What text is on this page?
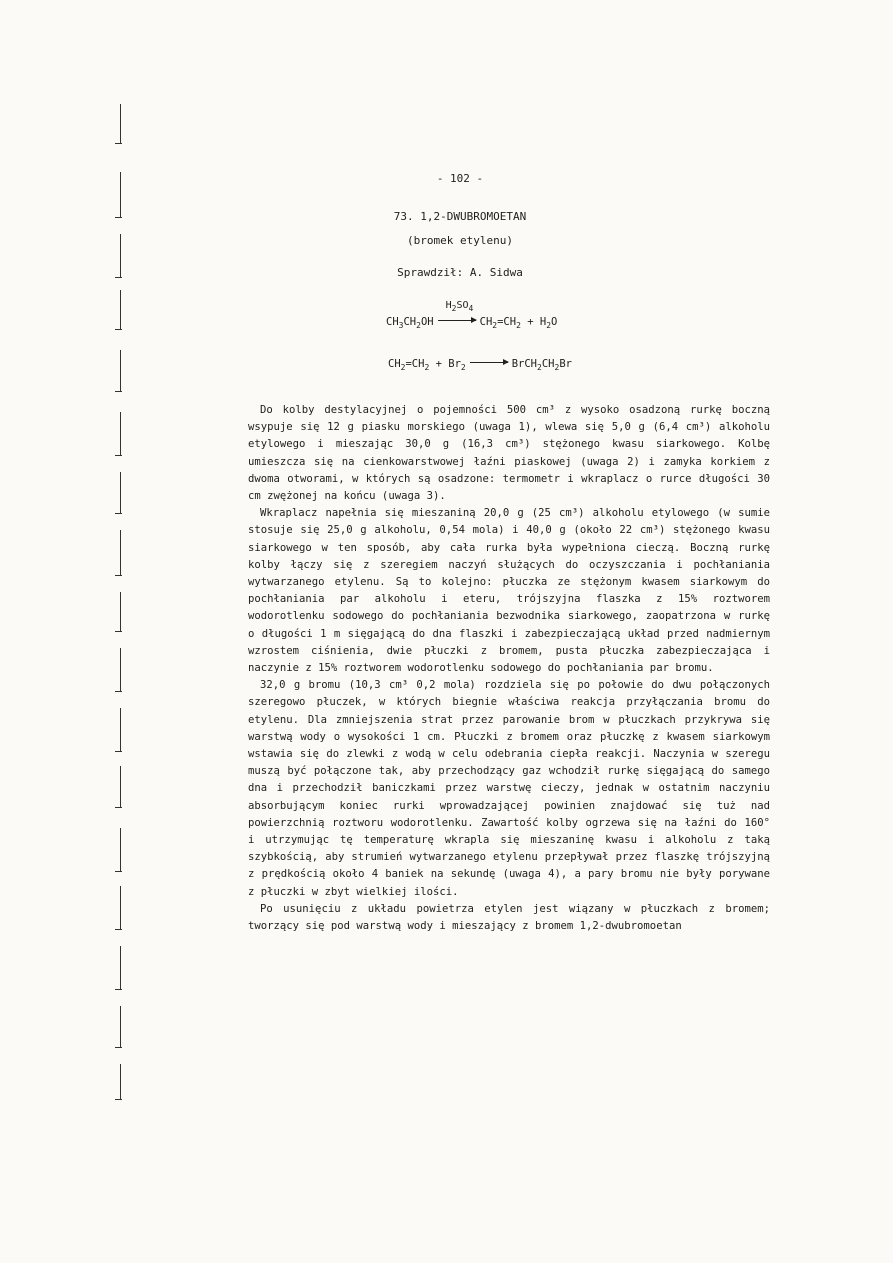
- 102 -
73. 1,2-DWUBROMOETAN
(bromek etylenu)
Sprawdził: A. Sidwa
$CH_3CH_2OH$
$H_2SO_4$
$CH_2=CH_2 + H_2O$
$CH_2=CH_2 + Br_2$	$BrCH_2CH_2Br$

Do kolby destylacyjnej o pojemności 500 cm³ z wysoko osadzoną rurkę boczną wsypuje się 12 g piasku morskiego (uwaga 1), wlewa się 5,0 g (6,4 cm³) alkoholu etylowego i mieszając 30,0 g (16,3 cm³) stężonego kwasu siarkowego. Kolbę umieszcza się na cienkowarstwowej łaźni piaskowej (uwaga 2) i zamyka korkiem z dwoma otworami, w których są osadzone: termometr i wkraplacz o rurce długości 30 cm zwężonej na końcu (uwaga 3).

Wkraplacz napełnia się mieszaniną 20,0 g (25 cm³) alkoholu etylowego (w sumie stosuje się 25,0 g alkoholu, 0,54 mola) i 40,0 g (około 22 cm³) stężonego kwasu siarkowego w ten sposób, aby cała rurka była wypełniona cieczą. Boczną rurkę kolby łączy się z szeregiem naczyń służących do oczyszczania i pochłaniania wytwarzanego etylenu. Są to kolejno: płuczka ze stężonym kwasem siarkowym do pochłaniania par alkoholu i eteru, trójszyjna flaszka z 15% roztworem wodorotlenku sodowego do pochłaniania bezwodnika siarkowego, zaopatrzona w rurkę o długości 1 m sięgającą do dna flaszki i zabezpieczającą układ przed nadmiernym wzrostem ciśnienia, dwie płuczki z bromem, pusta płuczka zabezpieczająca i naczynie z 15% roztworem wodorotlenku sodowego do pochłaniania par bromu.

32,0 g bromu (10,3 cm³ 0,2 mola) rozdziela się po połowie do dwu połączonych szeregowo płuczek, w których biegnie właściwa reakcja przyłączania bromu do etylenu. Dla zmniejszenia strat przez parowanie brom w płuczkach przykrywa się warstwą wody o wysokości 1 cm. Płuczki z bromem oraz płuczkę z kwasem siarkowym wstawia się do zlewki z wodą w celu odebrania ciepła reakcji. Naczynia w szeregu muszą być połączone tak, aby przechodzący gaz wchodził rurkę sięgającą do samego dna i przechodził baniczkami przez warstwę cieczy, jednak w ostatnim naczyniu absorbującym koniec rurki wprowadzającej powinien znajdować się tuż nad powierzchnią roztworu wodorotlenku. Zawartość kolby ogrzewa się na łaźni do 160° i utrzymując tę temperaturę wkrapla się mieszaninę kwasu i alkoholu z taką szybkością, aby strumień wytwarzanego etylenu przepływał przez flaszkę trójszyjną z prędkością około 4 baniek na sekundę (uwaga 4), a pary bromu nie były porywane z płuczki w zbyt wielkiej ilości.

Po usunięciu z układu powietrza etylen jest wiązany w płuczkach z bromem; tworzący się pod warstwą wody i mieszający z bromem 1,2-dwubromoetan
